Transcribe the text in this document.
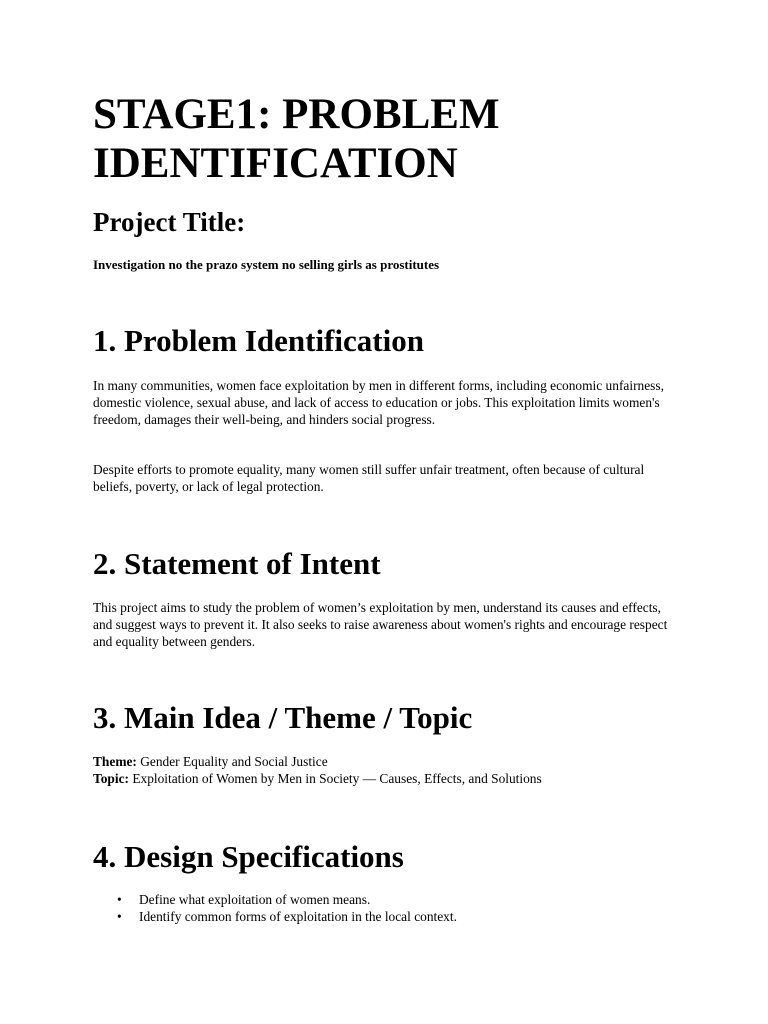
STAGE1: PROBLEM IDENTIFICATION
Project Title:

Investigation no the prazo system no selling girls as prostitutes

1. Problem Identification

In many communities, women face exploitation by men in different forms, including economic unfairness, domestic violence, sexual abuse, and lack of access to education or jobs. This exploitation limits women's freedom, damages their well-being, and hinders social progress.

Despite efforts to promote equality, many women still suffer unfair treatment, often because of cultural beliefs, poverty, or lack of legal protection.

2. Statement of Intent

This project aims to study the problem of women’s exploitation by men, understand its causes and effects, and suggest ways to prevent it. It also seeks to raise awareness about women's rights and encourage respect and equality between genders.

3. Main Idea / Theme / Topic

Theme: Gender Equality and Social Justice

Topic: Exploitation of Women by Men in Society — Causes, Effects, and Solutions

4. Design Specifications
• Define what exploitation of women means.
• Identify common forms of exploitation in the local context.
